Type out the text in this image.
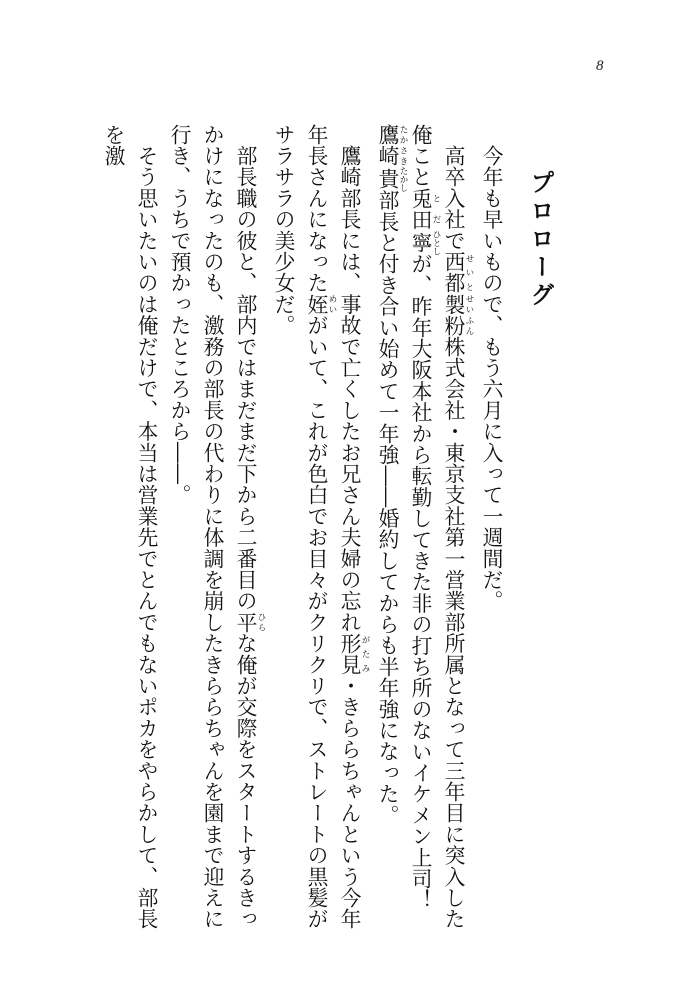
8
プロローグ

　今年も早いもので、もう六月に入って一週間だ。

　高卒入社で西都 せいと製粉 せいふん株式会社・東京支社第一営業部所属となって三年目に突入した俺こと兎 と田 だ寧 ひとしが、昨年大阪本社から転勤してきた非の打ち所のないイケメン上司！　鷹崎 たかさき貴 たかし部長と付き合い始めて一年強――婚約してからも半年強になった。

　鷹崎部長には、事故で亡くしたお兄さん夫婦の忘れ形見 がたみ・きららちゃんという今年年長さんになった姪 めいがいて、これが色白でお目々がクリクリで、ストレートの黒髪がサラサラの美少女だ。

　部長職の彼と、部内ではまだまだ下から二番目の平 ひらな俺が交際をスタートするきっかけになったのも、激務の部長の代わりに体調を崩したきららちゃんを園まで迎えに行き、うちで預かったところから――。

　そう思いたいのは俺だけで、本当は営業先でとんでもないポカをやらかして、部長を激
